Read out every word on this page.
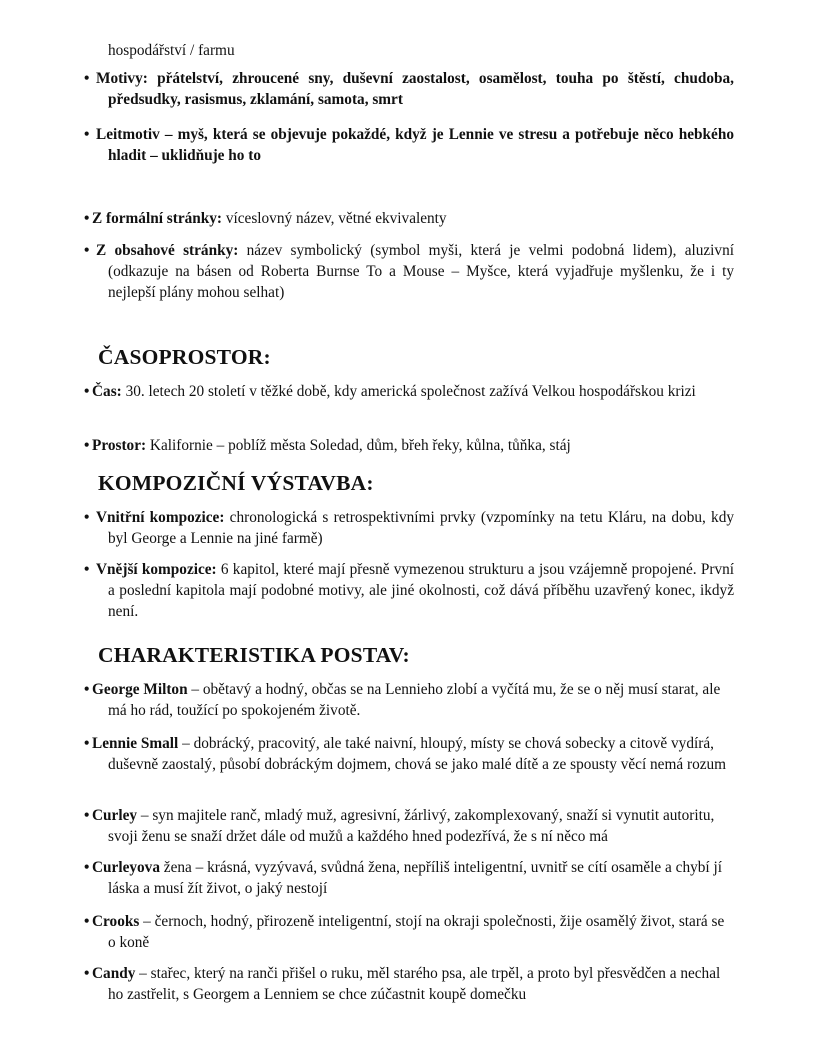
hospodářství / farmu
• Motivy: přátelství, zhroucené sny, duševní zaostalost, osamělost, touha po štěstí, chudoba, předsudky, rasismus, zklamání, samota, smrt
• Leitmotiv – myš, která se objevuje pokaždé, když je Lennie ve stresu a potřebuje něco hebkého hladit – uklidňuje ho to
• Z formální stránky: víceslovný název, větné ekvivalenty
• Z obsahové stránky: název symbolický (symbol myši, která je velmi podobná lidem), aluzivní (odkazuje na básen od Roberta Burnse To a Mouse – Myšce, která vyjadřuje myšlenku, že i ty nejlepší plány mohou selhat)
ČASOPROSTOR:
• Čas: 30. letech 20 století v těžké době, kdy americká společnost zažívá Velkou hospodářskou krizi
• Prostor: Kalifornie – poblíž města Soledad, dům, břeh řeky, kůlna, tůňka, stáj
KOMPOZIČNÍ VÝSTAVBA:
• Vnitřní kompozice: chronologická s retrospektivními prvky (vzpomínky na tetu Kláru, na dobu, kdy byl George a Lennie na jiné farmě)
• Vnější kompozice: 6 kapitol, které mají přesně vymezenou strukturu a jsou vzájemně propojené. První a poslední kapitola mají podobné motivy, ale jiné okolnosti, což dává příběhu uzavřený konec, ikdyž není.
CHARAKTERISTIKA POSTAV:
• George Milton – obětavý a hodný, občas se na Lennieho zlobí a vyčítá mu, že se o něj musí starat, ale má ho rád, toužící po spokojeném životě.
• Lennie Small – dobrácký, pracovitý, ale také naivní, hloupý, místy se chová sobecky a citově vydírá, duševně zaostalý, působí dobráckým dojmem, chová se jako malé dítě a ze spousty věcí nemá rozum
• Curley – syn majitele ranč, mladý muž, agresivní, žárlivý, zakomplexovaný, snaží si vynutit autoritu, svoji ženu se snaží držet dále od mužů a každého hned podezřívá, že s ní něco má
• Curleyova žena – krásná, vyzývavá, svůdná žena, nepříliš inteligentní, uvnitř se cítí osaměle a chybí jí láska a musí žít život, o jaký nestojí
• Crooks – černoch, hodný, přirozeně inteligentní, stojí na okraji společnosti, žije osamělý život, stará se o koně
• Candy – stařec, který na ranči přišel o ruku, měl starého psa, ale trpěl, a proto byl přesvědčen a nechal ho zastřelit, s Georgem a Lenniem se chce zúčastnit koupě domečku
